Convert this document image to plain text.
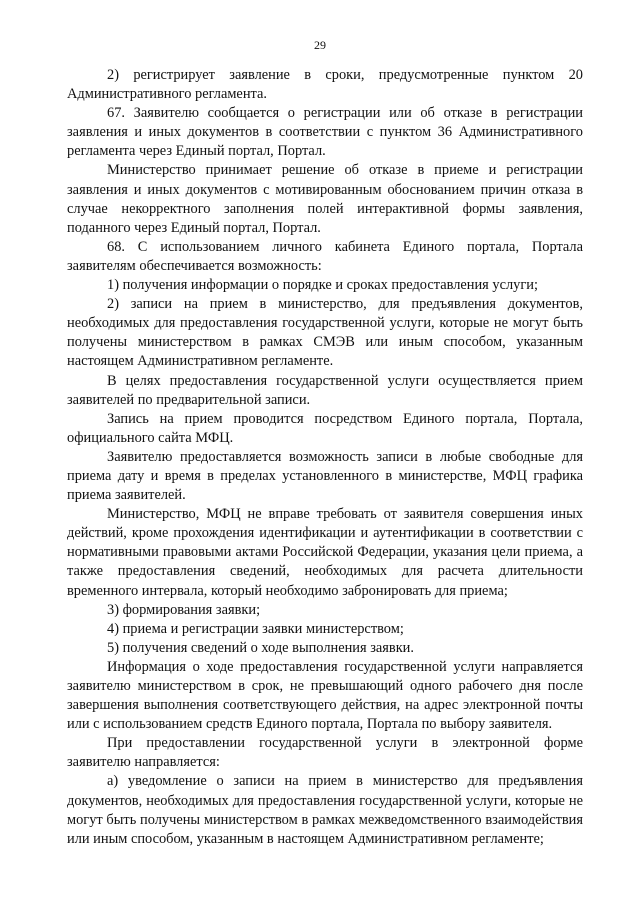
29

2) регистрирует заявление в сроки, предусмотренные пунктом 20 Административного регламента.

67. Заявителю сообщается о регистрации или об отказе в регистрации заявления и иных документов в соответствии с пунктом 36 Административного регламента через Единый портал, Портал.

Министерство принимает решение об отказе в приеме и регистрации заявления и иных документов с мотивированным обоснованием причин отказа в случае некорректного заполнения полей интерактивной формы заявления, поданного через Единый портал, Портал.

68. С использованием личного кабинета Единого портала, Портала заявителям обеспечивается возможность:

1) получения информации о порядке и сроках предоставления услуги;

2) записи на прием в министерство, для предъявления документов, необходимых для предоставления государственной услуги, которые не могут быть получены министерством в рамках СМЭВ или иным способом, указанным настоящем Административном регламенте.

В целях предоставления государственной услуги осуществляется прием заявителей по предварительной записи.

Запись на прием проводится посредством Единого портала, Портала, официального сайта МФЦ.

Заявителю предоставляется возможность записи в любые свободные для приема дату и время в пределах установленного в министерстве, МФЦ графика приема заявителей.

Министерство, МФЦ не вправе требовать от заявителя совершения иных действий, кроме прохождения идентификации и аутентификации в соответствии с нормативными правовыми актами Российской Федерации, указания цели приема, а также предоставления сведений, необходимых для расчета длительности временного интервала, который необходимо забронировать для приема;

3) формирования заявки;

4) приема и регистрации заявки министерством;

5) получения сведений о ходе выполнения заявки.

Информация о ходе предоставления государственной услуги направляется заявителю министерством в срок, не превышающий одного рабочего дня после завершения выполнения соответствующего действия, на адрес электронной почты или с использованием средств Единого портала, Портала по выбору заявителя.

При предоставлении государственной услуги в электронной форме заявителю направляется:

а) уведомление о записи на прием в министерство для предъявления документов, необходимых для предоставления государственной услуги, которые не могут быть получены министерством в рамках межведомственного взаимодействия или иным способом, указанным в настоящем Административном регламенте;
